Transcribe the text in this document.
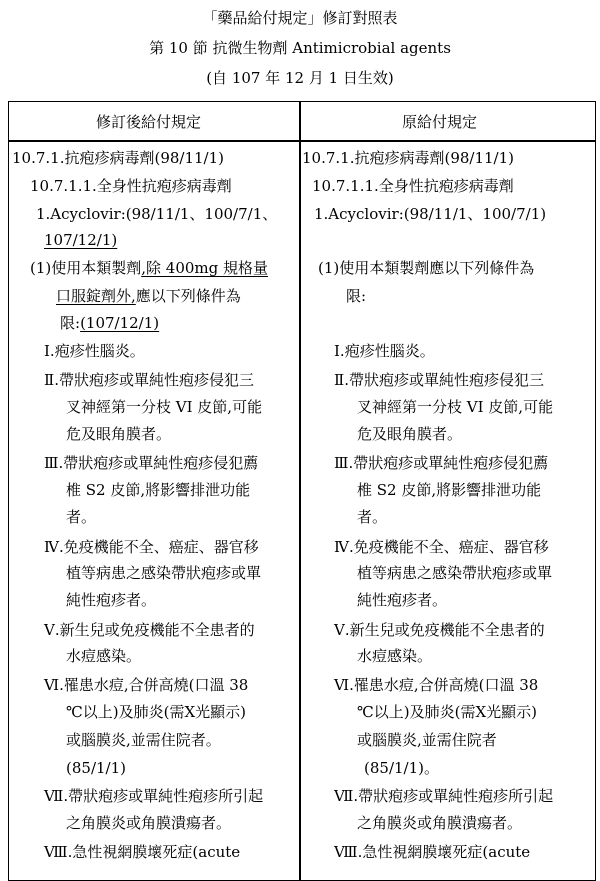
「藥品給付規定」修訂對照表
第 10 節 抗微生物劑 Antimicrobial agents
(自 107 年 12 月 1 日生效)
修訂後給付規定	原給付規定
10.7.1.抗疱疹病毒劑(98/11/1)
10.7.1.1.全身性抗疱疹病毒劑
1.Acyclovir:(98/11/1、100/7/1、
107/12/1)
(1)使用本類製劑,除 400mg 規格量
口服錠劑外,應以下列條件為
限:(107/12/1)
Ⅰ.疱疹性腦炎。
Ⅱ.帶狀疱疹或單純性疱疹侵犯三
叉神經第一分枝 VI 皮節,可能
危及眼角膜者。
Ⅲ.帶狀疱疹或單純性疱疹侵犯薦
椎 S2 皮節,將影響排泄功能
者。
Ⅳ.免疫機能不全、癌症、器官移
植等病患之感染帶狀疱疹或單
純性疱疹者。
Ⅴ.新生兒或免疫機能不全患者的
水痘感染。
Ⅵ.罹患水痘,合併高燒(口溫 38
℃以上)及肺炎(需Ⅹ光顯示)
或腦膜炎,並需住院者。
(85/1/1)
Ⅶ.帶狀疱疹或單純性疱疹所引起
之角膜炎或角膜潰瘍者。
Ⅷ.急性視網膜壞死症(acute
10.7.1.抗疱疹病毒劑(98/11/1)
10.7.1.1.全身性抗疱疹病毒劑
1.Acyclovir:(98/11/1、100/7/1)
(1)使用本類製劑應以下列條件為
限:
Ⅰ.疱疹性腦炎。
Ⅱ.帶狀疱疹或單純性疱疹侵犯三
叉神經第一分枝 VI 皮節,可能
危及眼角膜者。
Ⅲ.帶狀疱疹或單純性疱疹侵犯薦
椎 S2 皮節,將影響排泄功能
者。
Ⅳ.免疫機能不全、癌症、器官移
植等病患之感染帶狀疱疹或單
純性疱疹者。
Ⅴ.新生兒或免疫機能不全患者的
水痘感染。
Ⅵ.罹患水痘,合併高燒(口溫 38
℃以上)及肺炎(需Ⅹ光顯示)
或腦膜炎,並需住院者
(85/1/1)。
Ⅶ.帶狀疱疹或單純性疱疹所引起
之角膜炎或角膜潰瘍者。
Ⅷ.急性視網膜壞死症(acute
